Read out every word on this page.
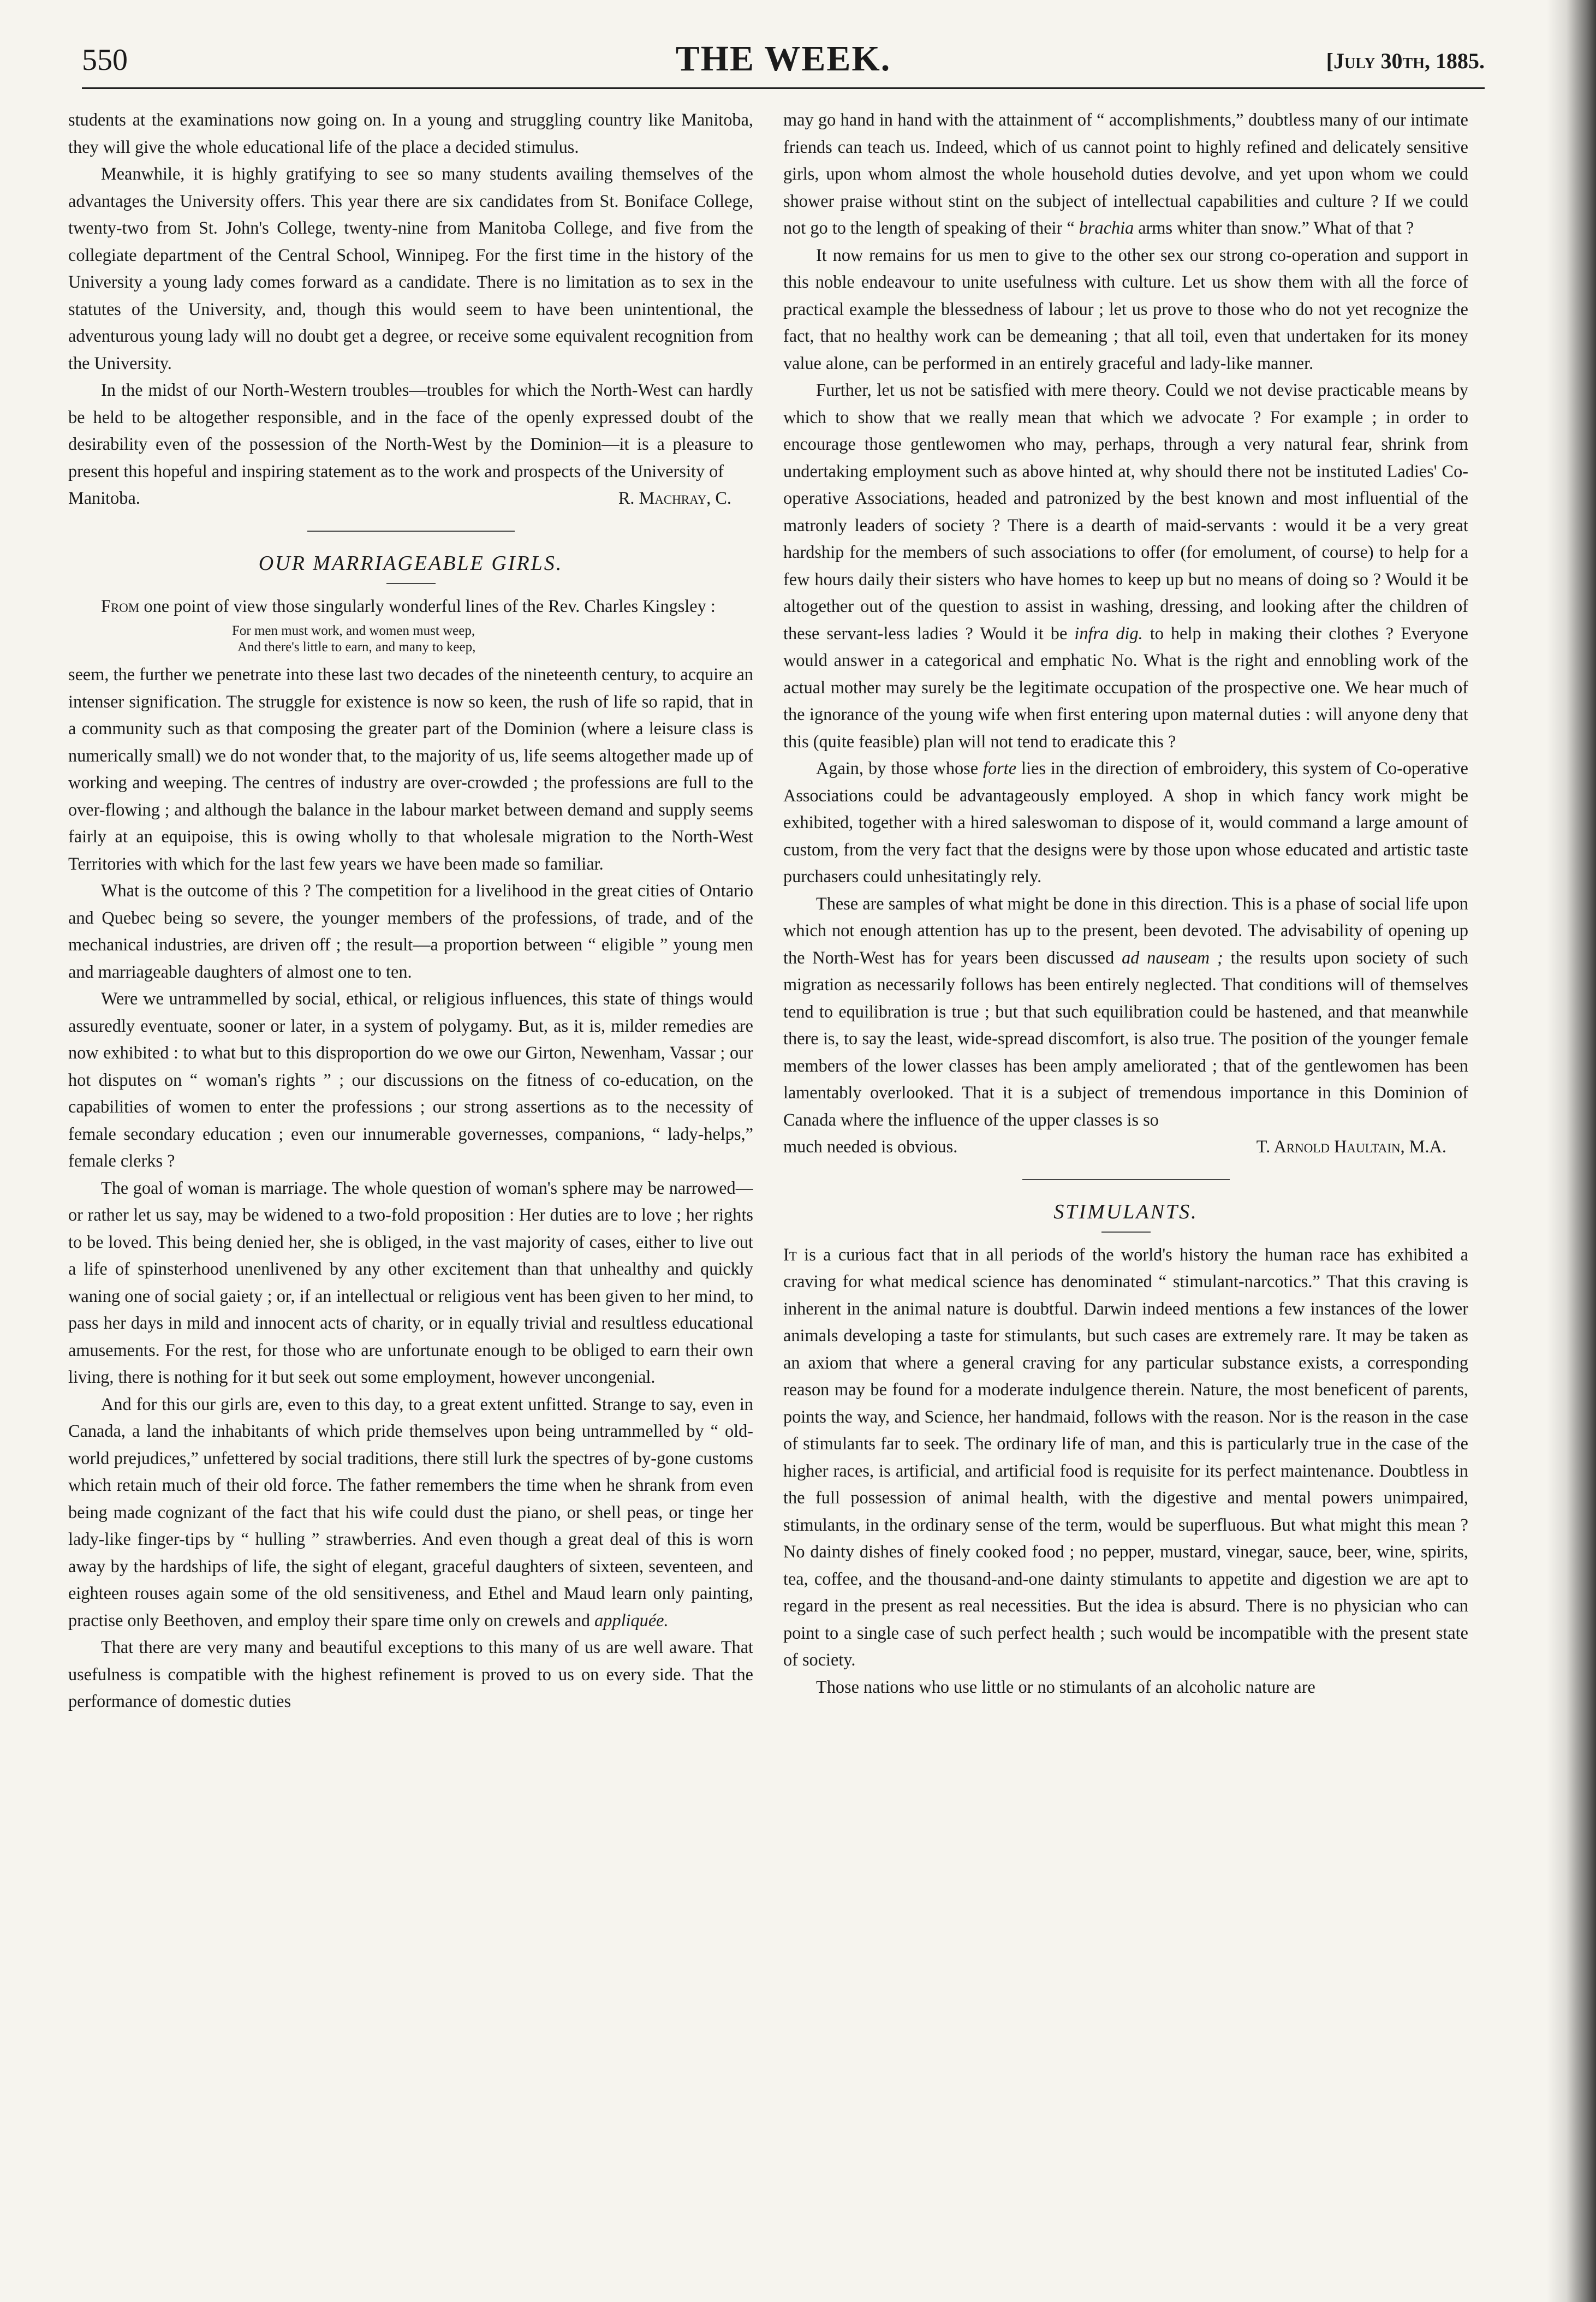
550	THE WEEK.	[July 30th, 1885.

students at the examinations now going on. In a young and struggling country like Manitoba, they will give the whole educational life of the place a decided stimulus.

Meanwhile, it is highly gratifying to see so many students availing themselves of the advantages the University offers. This year there are six candidates from St. Boniface College, twenty-two from St. John's College, twenty-nine from Manitoba College, and five from the collegiate department of the Central School, Winnipeg. For the first time in the history of the University a young lady comes forward as a candidate. There is no limitation as to sex in the statutes of the University, and, though this would seem to have been unintentional, the adventurous young lady will no doubt get a degree, or receive some equivalent recognition from the University.

In the midst of our North-Western troubles—troubles for which the North-West can hardly be held to be altogether responsible, and in the face of the openly expressed doubt of the desirability even of the possession of the North-West by the Dominion—it is a pleasure to present this hopeful and inspiring statement as to the work and prospects of the University of

Manitoba.	R. Machray, C.
OUR MARRIAGEABLE GIRLS.

From one point of view those singularly wonderful lines of the Rev. Charles Kingsley :

For men must work, and women must weep,
And there's little to earn, and many to keep,

seem, the further we penetrate into these last two decades of the nineteenth century, to acquire an intenser signification. The struggle for existence is now so keen, the rush of life so rapid, that in a community such as that composing the greater part of the Dominion (where a leisure class is numerically small) we do not wonder that, to the majority of us, life seems altogether made up of working and weeping. The centres of industry are over-crowded ; the professions are full to the over-flowing ; and although the balance in the labour market between demand and supply seems fairly at an equipoise, this is owing wholly to that wholesale migration to the North-West Territories with which for the last few years we have been made so familiar.

What is the outcome of this ? The competition for a livelihood in the great cities of Ontario and Quebec being so severe, the younger members of the professions, of trade, and of the mechanical industries, are driven off ; the result—a proportion between “ eligible ” young men and marriageable daughters of almost one to ten.

Were we untrammelled by social, ethical, or religious influences, this state of things would assuredly eventuate, sooner or later, in a system of polygamy. But, as it is, milder remedies are now exhibited : to what but to this disproportion do we owe our Girton, Newenham, Vassar ; our hot disputes on “ woman's rights ” ; our discussions on the fitness of co-education, on the capabilities of women to enter the professions ; our strong assertions as to the necessity of female secondary education ; even our innumerable governesses, companions, “ lady-helps,” female clerks ?

The goal of woman is marriage. The whole question of woman's sphere may be narrowed—or rather let us say, may be widened to a two-fold proposition : Her duties are to love ; her rights to be loved. This being denied her, she is obliged, in the vast majority of cases, either to live out a life of spinsterhood unenlivened by any other excitement than that unhealthy and quickly waning one of social gaiety ; or, if an intellectual or religious vent has been given to her mind, to pass her days in mild and innocent acts of charity, or in equally trivial and resultless educational amusements. For the rest, for those who are unfortunate enough to be obliged to earn their own living, there is nothing for it but seek out some employment, however uncongenial.

And for this our girls are, even to this day, to a great extent unfitted. Strange to say, even in Canada, a land the inhabitants of which pride themselves upon being untrammelled by “ old-world prejudices,” unfettered by social traditions, there still lurk the spectres of by-gone customs which retain much of their old force. The father remembers the time when he shrank from even being made cognizant of the fact that his wife could dust the piano, or shell peas, or tinge her lady-like finger-tips by “ hulling ” strawberries. And even though a great deal of this is worn away by the hardships of life, the sight of elegant, graceful daughters of sixteen, seventeen, and eighteen rouses again some of the old sensitiveness, and Ethel and Maud learn only painting, practise only Beethoven, and employ their spare time only on crewels and appliquée.

That there are very many and beautiful exceptions to this many of us are well aware. That usefulness is compatible with the highest refinement is proved to us on every side. That the performance of domestic duties

may go hand in hand with the attainment of “ accomplishments,” doubtless many of our intimate friends can teach us. Indeed, which of us cannot point to highly refined and delicately sensitive girls, upon whom almost the whole household duties devolve, and yet upon whom we could shower praise without stint on the subject of intellectual capabilities and culture ? If we could not go to the length of speaking of their “ brachia arms whiter than snow.” What of that ?

It now remains for us men to give to the other sex our strong co-operation and support in this noble endeavour to unite usefulness with culture. Let us show them with all the force of practical example the blessedness of labour ; let us prove to those who do not yet recognize the fact, that no healthy work can be demeaning ; that all toil, even that undertaken for its money value alone, can be performed in an entirely graceful and lady-like manner.

Further, let us not be satisfied with mere theory. Could we not devise practicable means by which to show that we really mean that which we advocate ? For example ; in order to encourage those gentlewomen who may, perhaps, through a very natural fear, shrink from undertaking employment such as above hinted at, why should there not be instituted Ladies' Co-operative Associations, headed and patronized by the best known and most influential of the matronly leaders of society ? There is a dearth of maid-servants : would it be a very great hardship for the members of such associations to offer (for emolument, of course) to help for a few hours daily their sisters who have homes to keep up but no means of doing so ? Would it be altogether out of the question to assist in washing, dressing, and looking after the children of these servant-less ladies ? Would it be infra dig. to help in making their clothes ? Everyone would answer in a categorical and emphatic No. What is the right and ennobling work of the actual mother may surely be the legitimate occupation of the prospective one. We hear much of the ignorance of the young wife when first entering upon maternal duties : will anyone deny that this (quite feasible) plan will not tend to eradicate this ?

Again, by those whose forte lies in the direction of embroidery, this system of Co-operative Associations could be advantageously employed. A shop in which fancy work might be exhibited, together with a hired saleswoman to dispose of it, would command a large amount of custom, from the very fact that the designs were by those upon whose educated and artistic taste purchasers could unhesitatingly rely.

These are samples of what might be done in this direction. This is a phase of social life upon which not enough attention has up to the present, been devoted. The advisability of opening up the North-West has for years been discussed ad nauseam ; the results upon society of such migration as necessarily follows has been entirely neglected. That conditions will of themselves tend to equilibration is true ; but that such equilibration could be hastened, and that meanwhile there is, to say the least, wide-spread discomfort, is also true. The position of the younger female members of the lower classes has been amply ameliorated ; that of the gentlewomen has been lamentably overlooked. That it is a subject of tremendous importance in this Dominion of Canada where the influence of the upper classes is so

much needed is obvious.	T. Arnold Haultain, M.A.
STIMULANTS.

It is a curious fact that in all periods of the world's history the human race has exhibited a craving for what medical science has denominated “ stimulant-narcotics.” That this craving is inherent in the animal nature is doubtful. Darwin indeed mentions a few instances of the lower animals developing a taste for stimulants, but such cases are extremely rare. It may be taken as an axiom that where a general craving for any particular substance exists, a corresponding reason may be found for a moderate indulgence therein. Nature, the most beneficent of parents, points the way, and Science, her handmaid, follows with the reason. Nor is the reason in the case of stimulants far to seek. The ordinary life of man, and this is particularly true in the case of the higher races, is artificial, and artificial food is requisite for its perfect maintenance. Doubtless in the full possession of animal health, with the digestive and mental powers unimpaired, stimulants, in the ordinary sense of the term, would be superfluous. But what might this mean ? No dainty dishes of finely cooked food ; no pepper, mustard, vinegar, sauce, beer, wine, spirits, tea, coffee, and the thousand-and-one dainty stimulants to appetite and digestion we are apt to regard in the present as real necessities. But the idea is absurd. There is no physician who can point to a single case of such perfect health ; such would be incompatible with the present state of society.

Those nations who use little or no stimulants of an alcoholic nature are
